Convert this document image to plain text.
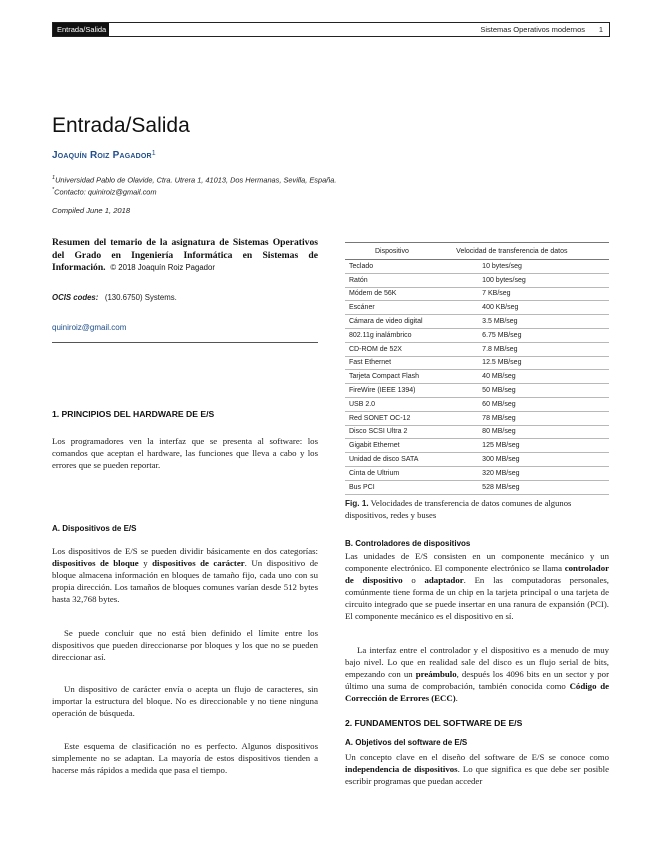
Entrada/Salida	Sistemas Operativos modernos 1
Entrada/Salida
Joaquín Roiz Pagador$^1$
$^1$Universidad Pablo de Olavide, Ctra. Utrera 1, 41013, Dos Hermanas, Sevilla, España.
*Contacto: quiniroiz@gmail.com
Compiled June 1, 2018
Resumen del temario de la asignatura de Sistemas Operativos del Grado en Ingeniería Informática en Sistemas de Información. © 2018 Joaquín Roiz Pagador
OCIS codes: (130.6750) Systems.
quiniroiz@gmail.com
1. PRINCIPIOS DEL HARDWARE DE E/S
Los programadores ven la interfaz que se presenta al software: los comandos que aceptan el hardware, las funciones que lleva a cabo y los errores que se pueden reportar.
A. Dispositivos de E/S
Los dispositivos de E/S se pueden dividir básicamente en dos categorías: dispositivos de bloque y dispositivos de carácter. Un dispositivo de bloque almacena información en bloques de tamaño fijo, cada uno con su propia dirección. Los tamaños de bloques comunes varían desde 512 bytes hasta 32,768 bytes.
Se puede concluir que no está bien definido el límite entre los dispositivos que pueden direccionarse por bloques y los que no se pueden direccionar así.
Un dispositivo de carácter envía o acepta un flujo de caracteres, sin importar la estructura del bloque. No es direccionable y no tiene ninguna operación de búsqueda.
Este esquema de clasificación no es perfecto. Algunos dispositivos simplemente no se adaptan. La mayoría de estos dispositivos tienden a hacerse más rápidos a medida que pasa el tiempo.
Dispositivo	Velocidad de transferencia de datos
Teclado	10 bytes/seg
Ratón	100 bytes/seg
Módem de 56K	7 KB/seg
Escáner	400 KB/seg
Cámara de video digital	3.5 MB/seg
802.11g inalámbrico	6.75 MB/seg
CD-ROM de 52X	7.8 MB/seg
Fast Ethernet	12.5 MB/seg
Tarjeta Compact Flash	40 MB/seg
FireWire (IEEE 1394)	50 MB/seg
USB 2.0	60 MB/seg
Red SONET OC-12	78 MB/seg
Disco SCSI Ultra 2	80 MB/seg
Gigabit Ethernet	125 MB/seg
Unidad de disco SATA	300 MB/seg
Cinta de Ultrium	320 MB/seg
Bus PCI	528 MB/seg
Fig. 1. Velocidades de transferencia de datos comunes de algunos dispositivos, redes y buses
B. Controladores de dispositivos
Las unidades de E/S consisten en un componente mecánico y un componente electrónico. El componente electrónico se llama controlador de dispositivo o adaptador. En las computadoras personales, comúnmente tiene forma de un chip en la tarjeta principal o una tarjeta de circuito integrado que se puede insertar en una ranura de expansión (PCI). El componente mecánico es el dispositivo en sí.
La interfaz entre el controlador y el dispositivo es a menudo de muy bajo nivel. Lo que en realidad sale del disco es un flujo serial de bits, empezando con un preámbulo, después los 4096 bits en un sector y por último una suma de comprobación, también conocida como Código de Corrección de Errores (ECC).
2. FUNDAMENTOS DEL SOFTWARE DE E/S
A. Objetivos del software de E/S
Un concepto clave en el diseño del software de E/S se conoce como independencia de dispositivos. Lo que significa es que debe ser posible escribir programas que puedan acceder
